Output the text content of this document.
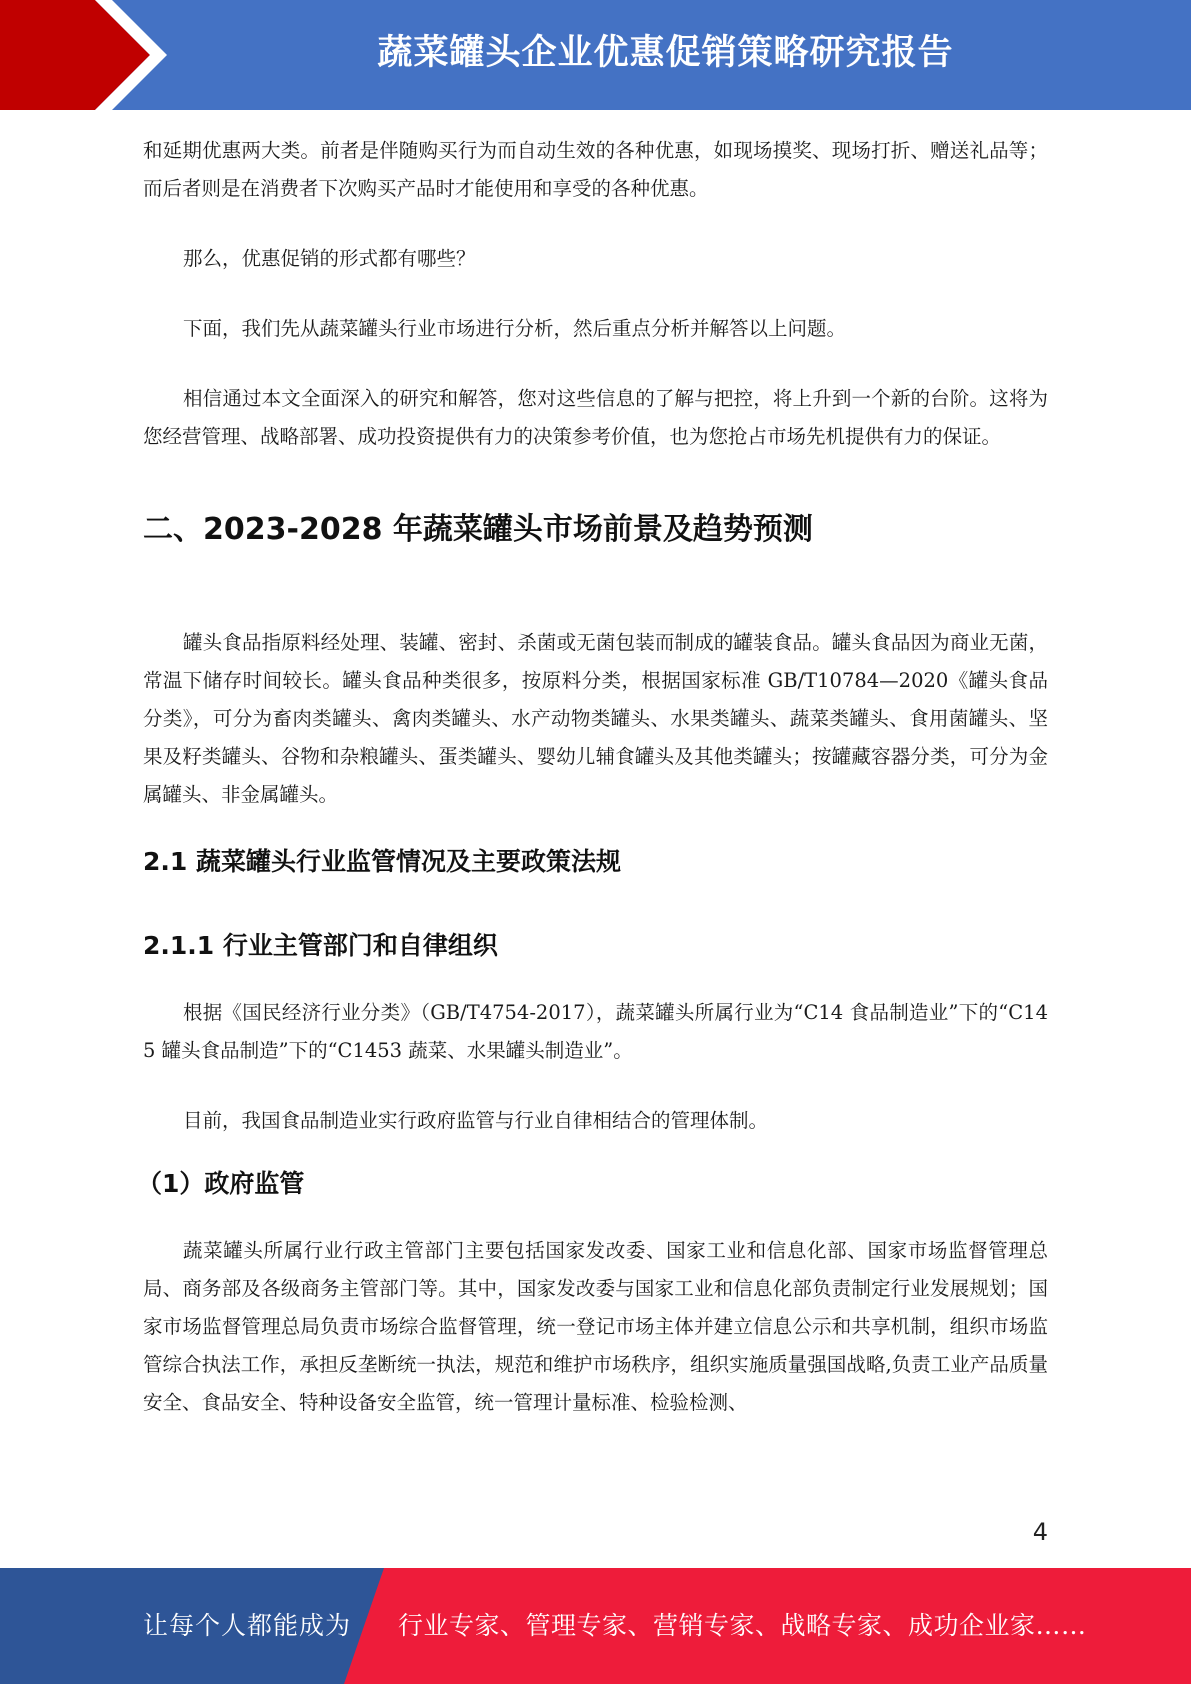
蔬菜罐头企业优惠促销策略研究报告

和延期优惠两大类。前者是伴随购买行为而自动生效的各种优惠，如现场摸奖、现场打折、赠送礼品等；而后者则是在消费者下次购买产品时才能使用和享受的各种优惠。

那么，优惠促销的形式都有哪些？

下面，我们先从蔬菜罐头行业市场进行分析，然后重点分析并解答以上问题。

相信通过本文全面深入的研究和解答，您对这些信息的了解与把控，将上升到一个新的台阶。这将为您经营管理、战略部署、成功投资提供有力的决策参考价值，也为您抢占市场先机提供有力的保证。

二、2023-2028 年蔬菜罐头市场前景及趋势预测

罐头食品指原料经处理、装罐、密封、杀菌或无菌包装而制成的罐装食品。罐头食品因为商业无菌，常温下储存时间较长。罐头食品种类很多，按原料分类，根据国家标准 GB/T10784—2020《罐头食品分类》，可分为畜肉类罐头、禽肉类罐头、水产动物类罐头、水果类罐头、蔬菜类罐头、食用菌罐头、坚果及籽类罐头、谷物和杂粮罐头、蛋类罐头、婴幼儿辅食罐头及其他类罐头；按罐藏容器分类，可分为金属罐头、非金属罐头。

2.1 蔬菜罐头行业监管情况及主要政策法规
2.1.1 行业主管部门和自律组织

根据《国民经济行业分类》（GB/T4754-2017），蔬菜罐头所属行业为“C14 食品制造业”下的“C145 罐头食品制造”下的“C1453 蔬菜、水果罐头制造业”。

目前，我国食品制造业实行政府监管与行业自律相结合的管理体制。

（1）政府监管

蔬菜罐头所属行业行政主管部门主要包括国家发改委、国家工业和信息化部、国家市场监督管理总局、商务部及各级商务主管部门等。其中，国家发改委与国家工业和信息化部负责制定行业发展规划；国家市场监督管理总局负责市场综合监督管理，统一登记市场主体并建立信息公示和共享机制，组织市场监管综合执法工作，承担反垄断统一执法，规范和维护市场秩序，组织实施质量强国战略,负责工业产品质量安全、食品安全、特种设备安全监管，统一管理计量标准、检验检测、

4
让每个人都能成为 行业专家、管理专家、营销专家、战略专家、成功企业家……
